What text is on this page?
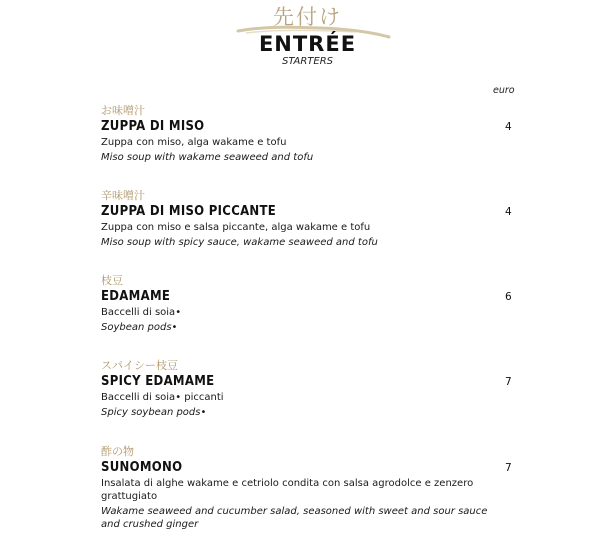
先付け
ENTRÉE
STARTERS
euro
お味噌汁
ZUPPA DI MISO
Zuppa con miso, alga wakame e tofu
Miso soup with wakame seaweed and tofu
4
辛味噌汁
ZUPPA DI MISO PICCANTE
Zuppa con miso e salsa piccante, alga wakame e tofu
Miso soup with spicy sauce, wakame seaweed and tofu
4
枝豆
EDAMAME
Baccelli di soia•
Soybean pods•
6
スパイシー枝豆
SPICY EDAMAME
Baccelli di soia• piccanti
Spicy soybean pods•
7
酢の物
SUNOMONO
Insalata di alghe wakame e cetriolo condita con salsa agrodolce e zenzero grattugiato
Wakame seaweed and cucumber salad, seasoned with sweet and sour sauce and crushed ginger
7
